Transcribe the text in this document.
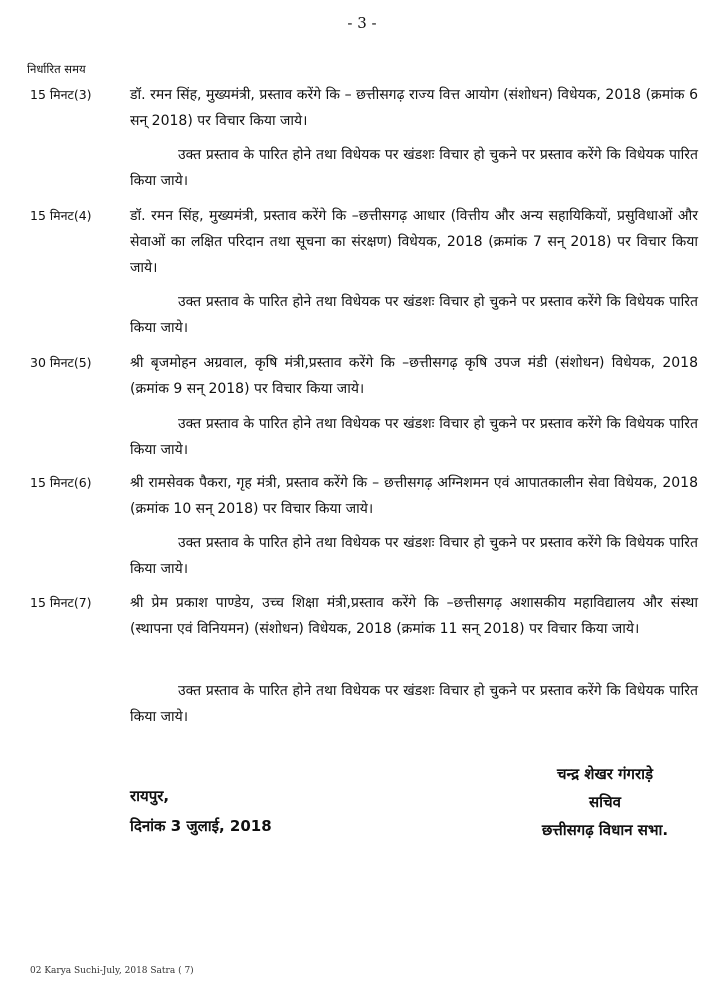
- 3 -
निर्धारित समय
15 मिनट(3)	डॉ. रमन सिंह, मुख्यमंत्री, प्रस्ताव करेंगे कि – छत्तीसगढ़ राज्य वित्त आयोग (संशोधन) विधेयक, 2018 (क्रमांक 6 सन् 2018) पर विचार किया जाये।
उक्त प्रस्ताव के पारित होने तथा विधेयक पर खंडशः विचार हो चुकने पर प्रस्ताव करेंगे कि विधेयक पारित किया जाये।
15 मिनट(4)	डॉ. रमन सिंह, मुख्यमंत्री, प्रस्ताव करेंगे कि –छत्तीसगढ़ आधार (वित्तीय और अन्य सहायिकियों, प्रसुविधाओं और सेवाओं का लक्षित परिदान तथा सूचना का संरक्षण) विधेयक, 2018 (क्रमांक 7 सन् 2018) पर विचार किया जाये।
उक्त प्रस्ताव के पारित होने तथा विधेयक पर खंडशः विचार हो चुकने पर प्रस्ताव करेंगे कि विधेयक पारित किया जाये।
30 मिनट(5)	श्री बृजमोहन अग्रवाल, कृषि मंत्री,प्रस्ताव करेंगे कि –छत्तीसगढ़ कृषि उपज मंडी (संशोधन) विधेयक, 2018 (क्रमांक 9 सन् 2018) पर विचार किया जाये।
उक्त प्रस्ताव के पारित होने तथा विधेयक पर खंडशः विचार हो चुकने पर प्रस्ताव करेंगे कि विधेयक पारित किया जाये।
15 मिनट(6)	श्री रामसेवक पैकरा, गृह मंत्री, प्रस्ताव करेंगे कि – छत्तीसगढ़ अग्निशमन एवं आपातकालीन सेवा विधेयक, 2018 (क्रमांक 10 सन् 2018) पर विचार किया जाये।
उक्त प्रस्ताव के पारित होने तथा विधेयक पर खंडशः विचार हो चुकने पर प्रस्ताव करेंगे कि विधेयक पारित किया जाये।
15 मिनट(7)	श्री प्रेम प्रकाश पाण्डेय, उच्च शिक्षा मंत्री,प्रस्ताव करेंगे कि –छत्तीसगढ़ अशासकीय महाविद्यालय और संस्था (स्थापना एवं विनियमन) (संशोधन) विधेयक, 2018 (क्रमांक 11 सन् 2018) पर विचार किया जाये।
उक्त प्रस्ताव के पारित होने तथा विधेयक पर खंडशः विचार हो चुकने पर प्रस्ताव करेंगे कि विधेयक पारित किया जाये।
रायपुर,
दिनांक 3 जुलाई, 2018
चन्द्र शेखर गंगराड़े
सचिव
छत्तीसगढ़ विधान सभा.
02 Karya Suchi-July, 2018 Satra ( 7)
